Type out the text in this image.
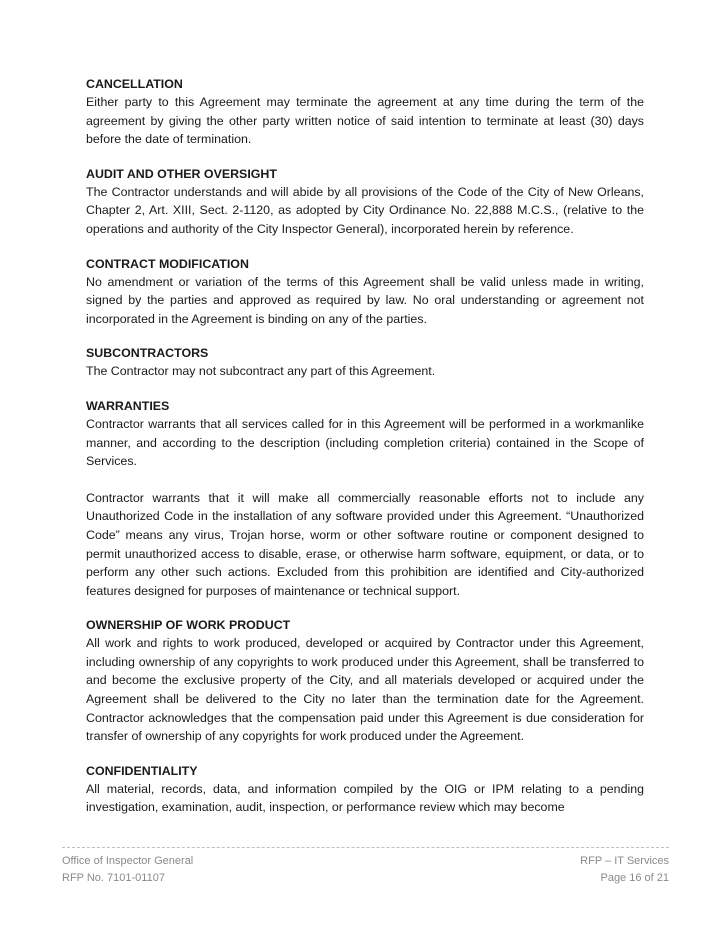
CANCELLATION

Either party to this Agreement may terminate the agreement at any time during the term of the agreement by giving the other party written notice of said intention to terminate at least (30) days before the date of termination.

AUDIT AND OTHER OVERSIGHT

The Contractor understands and will abide by all provisions of the Code of the City of New Orleans, Chapter 2, Art. XIII, Sect. 2-1120, as adopted by City Ordinance No. 22,888 M.C.S., (relative to the operations and authority of the City Inspector General), incorporated herein by reference.

CONTRACT MODIFICATION

No amendment or variation of the terms of this Agreement shall be valid unless made in writing, signed by the parties and approved as required by law. No oral understanding or agreement not incorporated in the Agreement is binding on any of the parties.

SUBCONTRACTORS

The Contractor may not subcontract any part of this Agreement.

WARRANTIES

Contractor warrants that all services called for in this Agreement will be performed in a workmanlike manner, and according to the description (including completion criteria) contained in the Scope of Services.

Contractor warrants that it will make all commercially reasonable efforts not to include any Unauthorized Code in the installation of any software provided under this Agreement. “Unauthorized Code” means any virus, Trojan horse, worm or other software routine or component designed to permit unauthorized access to disable, erase, or otherwise harm software, equipment, or data, or to perform any other such actions. Excluded from this prohibition are identified and City-authorized features designed for purposes of maintenance or technical support.

OWNERSHIP OF WORK PRODUCT

All work and rights to work produced, developed or acquired by Contractor under this Agreement, including ownership of any copyrights to work produced under this Agreement, shall be transferred to and become the exclusive property of the City, and all materials developed or acquired under the Agreement shall be delivered to the City no later than the termination date for the Agreement. Contractor acknowledges that the compensation paid under this Agreement is due consideration for transfer of ownership of any copyrights for work produced under the Agreement.

CONFIDENTIALITY

All material, records, data, and information compiled by the OIG or IPM relating to a pending investigation, examination, audit, inspection, or performance review which may become

Office of Inspector General	RFP – IT Services
RFP No. 7101-01107	Page 16 of 21
